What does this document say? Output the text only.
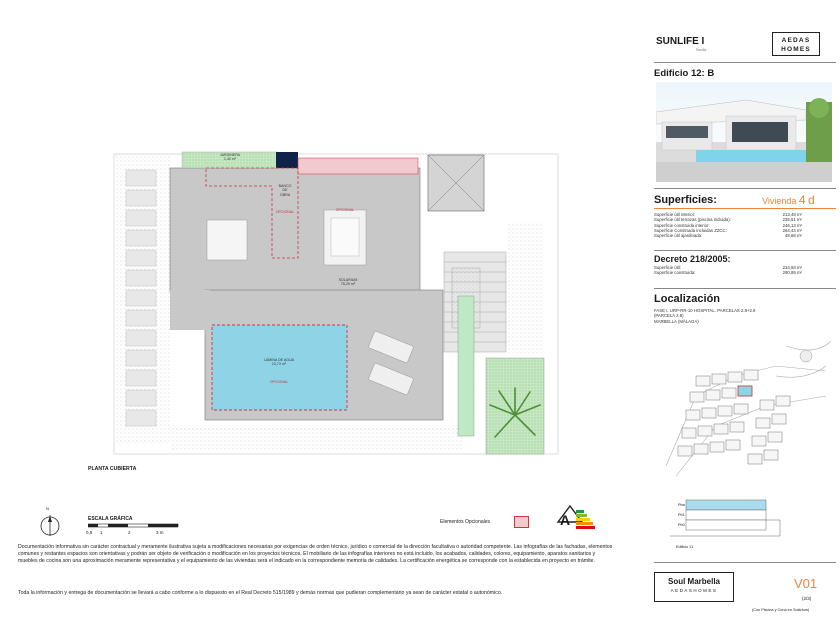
JARDINERA
1,40 m²
BANCO
DE
OBRA
OPCIONAL	OPCIONAL
SOLARIUM
75,29 m²
LÁMINA DE AGUA
13,73 m²
OPCIONAL
PLANTA CUBIERTA
N
ESCALA GRÁFICA
0,5	1	2	3 m
Elementos Opcionales	A
Documentación informativa sin carácter contractual y meramente ilustrativa sujeta a modificaciones necesarias por exigencias de orden técnico, jurídico o comercial de la dirección facultativa o autoridad competente. Las infografías de las fachadas, elementos comunes y restantes espacios son orientativas y podrán ser objeto de verificación o modificación en los proyectos técnicos. El mobiliario de las infografías interiores no está incluido, los acabados, calidades, colores, equipamiento, aparatos sanitarios y muebles de cocina son una aproximación meramente representativa y el equipamiento de las viviendas será el indicado en la correspondiente memoria de calidades. La certificación energética se corresponde con la establecida en proyecto en trámite.
Toda la información y entrega de documentación se llevará a cabo conforme a lo dispuesto en el Real Decreto 515/1989 y demás normas que pudieran complementario ya sean de carácter estatal o autonómico.
SUNLIFE I
Sevilla
AEDAS
HOMES
Edificio 12: B
Superficies:	Vivienda 4 d
Superficie útil interior:	213,48 m²
Superficie útil terrazas (piscina incluida):	235,51 m²
Superficie construida interior:	246,13 m²
Superficie Construida incluidas ZZCC:	264,44 m²
Superficie útil ajardinada:	48,68 m²
Decreto 218/2005:
Superficie útil:	234,93 m²
Superficie construida:	290,89 m²
Localización
FASE I. URP-RR-10 HOSPITAL. PARCELAS 2.8+2.9
(PARCELA 2.8)
MARBELLA (MÁLAGA)
Pba
Pb1
Pb0
Edificio 11
Soul Marbella
AEDASHOMES	V01
(2/3)
(Con Piscina y Cuna en Solárium)
